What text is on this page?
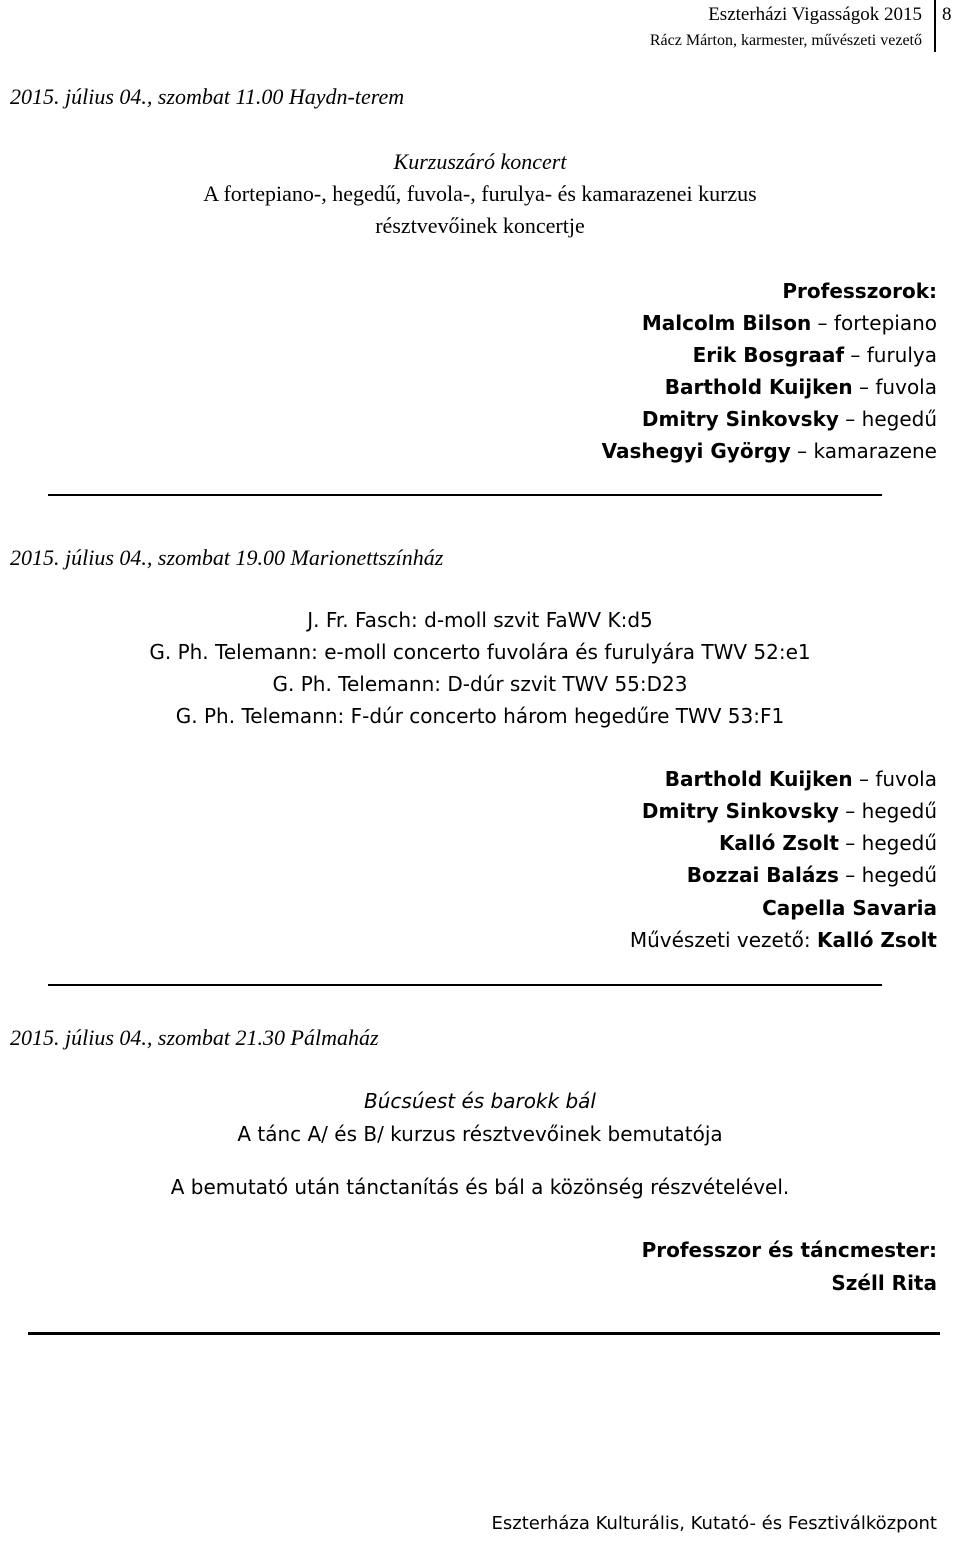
Eszterházi Vigasságok 2015
Rácz Márton, karmester, művészeti vezető
8
2015. július 04., szombat 11.00 Haydn-terem
Kurzuszáró koncert
A fortepiano-, hegedű, fuvola-, furulya- és kamarazenei kurzus
résztvevőinek koncertje
Professzorok:
Malcolm Bilson – fortepiano
Erik Bosgraaf – furulya
Barthold Kuijken – fuvola
Dmitry Sinkovsky – hegedű
Vashegyi György – kamarazene
2015. július 04., szombat 19.00 Marionettszínház
J. Fr. Fasch: d-moll szvit FaWV K:d5
G. Ph. Telemann: e-moll concerto fuvolára és furulyára TWV 52:e1
G. Ph. Telemann: D-dúr szvit TWV 55:D23
G. Ph. Telemann: F-dúr concerto három hegedűre TWV 53:F1
Barthold Kuijken – fuvola
Dmitry Sinkovsky – hegedű
Kalló Zsolt – hegedű
Bozzai Balázs – hegedű
Capella Savaria
Művészeti vezető: Kalló Zsolt
2015. július 04., szombat 21.30 Pálmaház
Búcsúest és barokk bál
A tánc A/ és B/ kurzus résztvevőinek bemutatója
A bemutató után tánctanítás és bál a közönség részvételével.
Professzor és táncmester:
Széll Rita
Eszterháza Kulturális, Kutató- és Fesztiválközpont
